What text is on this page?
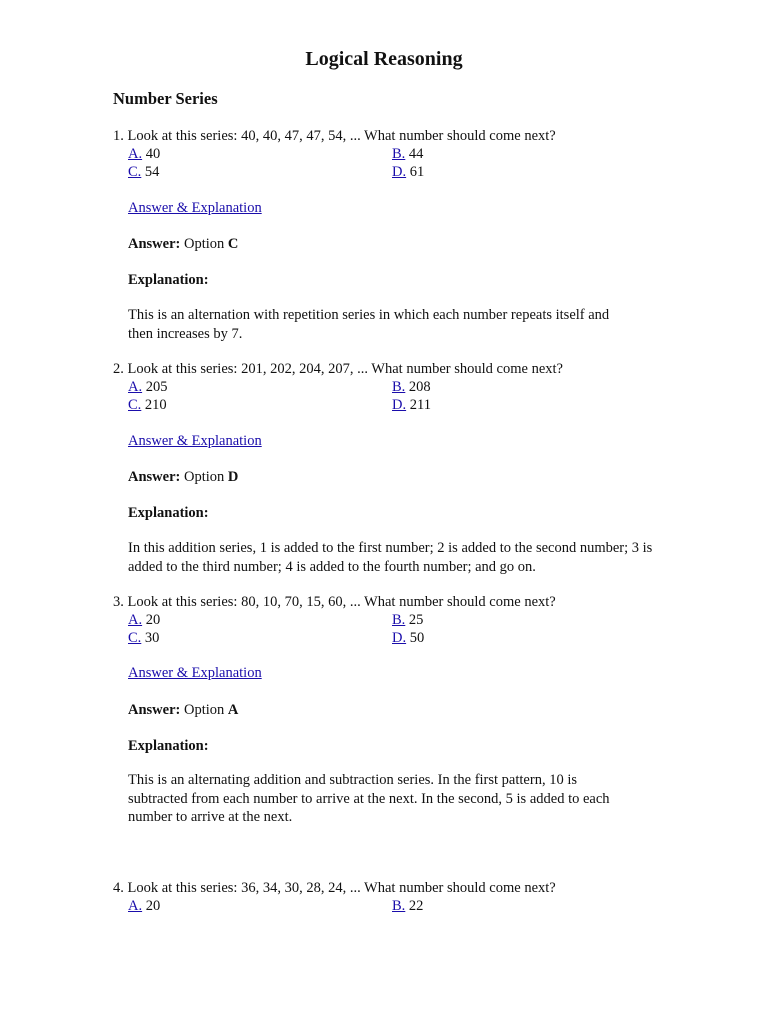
Logical Reasoning
Number Series
1. Look at this series: 40, 40, 47, 47, 54, ... What number should come next?
A. 40	B. 44
C. 54	D. 61
Answer & Explanation
Answer: Option C
Explanation:
This is an alternation with repetition series in which each number repeats itself and then increases by 7.
2. Look at this series: 201, 202, 204, 207, ... What number should come next?
A. 205	B. 208
C. 210	D. 211
Answer & Explanation
Answer: Option D
Explanation:
In this addition series, 1 is added to the first number; 2 is added to the second number; 3 is added to the third number; 4 is added to the fourth number; and go on.
3. Look at this series: 80, 10, 70, 15, 60, ... What number should come next?
A. 20	B. 25
C. 30	D. 50
Answer & Explanation
Answer: Option A
Explanation:
This is an alternating addition and subtraction series. In the first pattern, 10 is subtracted from each number to arrive at the next. In the second, 5 is added to each number to arrive at the next.
4. Look at this series: 36, 34, 30, 28, 24, ... What number should come next?
A. 20	B. 22
